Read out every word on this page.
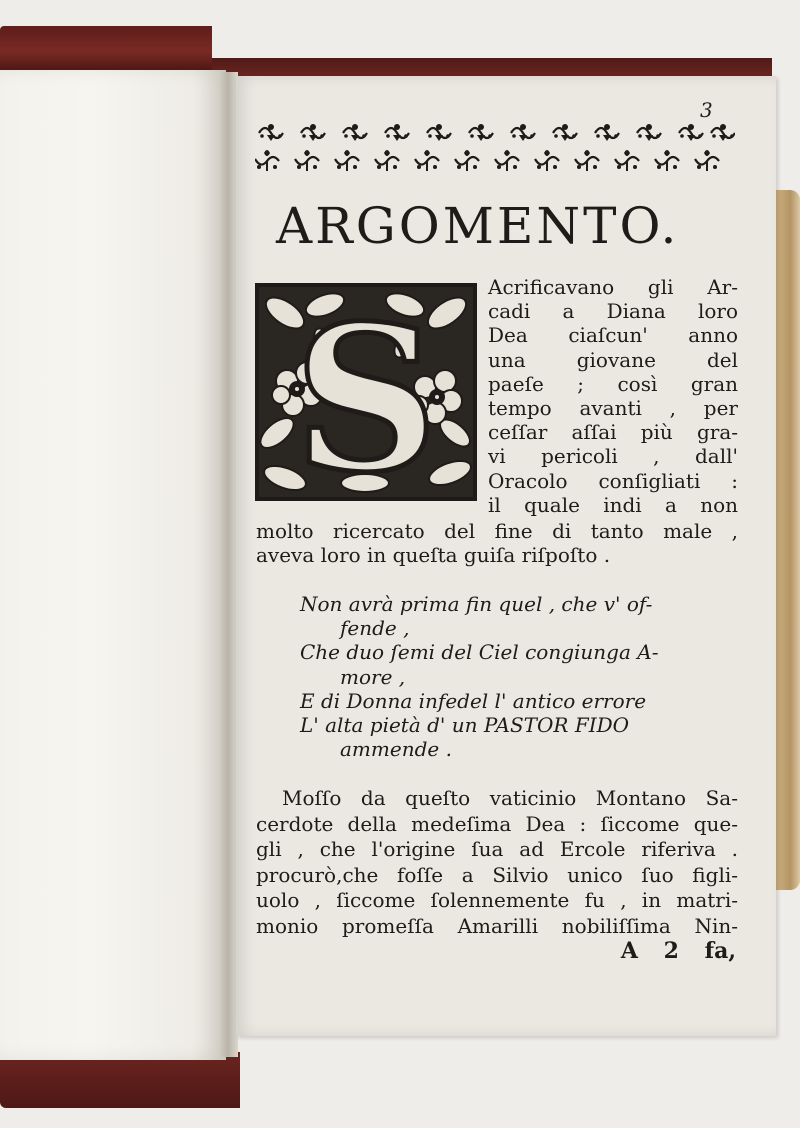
3
ARGOMENTO.
S Acrificavano gli Ar-
cadi a Diana loro
Dea ciaſcun' anno
una giovane del
paeſe ; così gran
tempo avanti , per
ceſſar aſſai più gra-
vi pericoli , dall'
Oracolo conſigliati :
il quale indi a non
molto ricercato del fine di tanto male ,
aveva loro in queſta guiſa riſpoſto .
Non avrà prima fin quel , che v' of-
fende ,
Che duo ſemi del Ciel congiunga A-
more ,
E di Donna infedel l' antico errore
L' alta pietà d' un PASTOR FIDO
ammende .
Moſſo da queſto vaticinio Montano Sa-
cerdote della medeſima Dea : ſiccome que-
gli , che l'origine ſua ad Ercole riferiva .
procurò,che foſſe a Silvio unico ſuo figli-
uolo , ſiccome ſolennemente fu , in matri-
monio promeſſa Amarilli nobiliſſima Nin-
A 2 fa,
